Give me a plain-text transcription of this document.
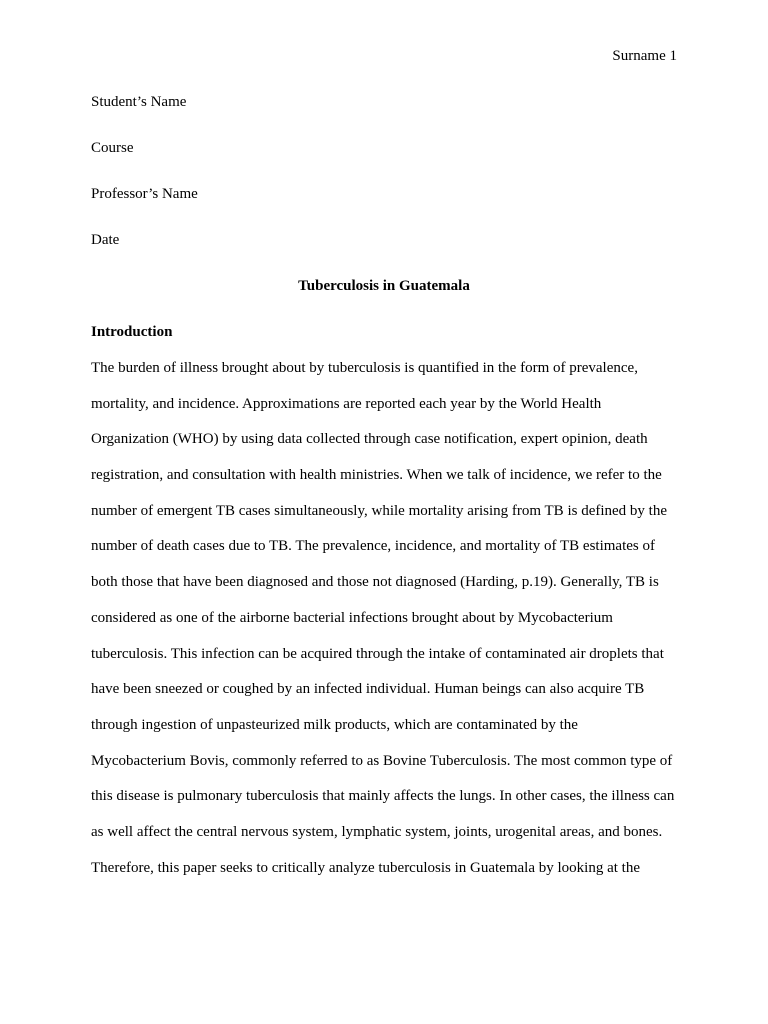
Surname 1
Student’s Name
Course
Professor’s Name
Date
Tuberculosis in Guatemala
Introduction
The burden of illness brought about by tuberculosis is quantified in the form of prevalence,
mortality, and incidence. Approximations are reported each year by the World Health
Organization (WHO) by using data collected through case notification, expert opinion, death
registration, and consultation with health ministries. When we talk of incidence, we refer to the
number of emergent TB cases simultaneously, while mortality arising from TB is defined by the
number of death cases due to TB. The prevalence, incidence, and mortality of TB estimates of
both those that have been diagnosed and those not diagnosed (Harding, p.19). Generally, TB is
considered as one of the airborne bacterial infections brought about by Mycobacterium
tuberculosis. This infection can be acquired through the intake of contaminated air droplets that
have been sneezed or coughed by an infected individual. Human beings can also acquire TB
through ingestion of unpasteurized milk products, which are contaminated by the
Mycobacterium Bovis, commonly referred to as Bovine Tuberculosis. The most common type of
this disease is pulmonary tuberculosis that mainly affects the lungs. In other cases, the illness can
as well affect the central nervous system, lymphatic system, joints, urogenital areas, and bones.
Therefore, this paper seeks to critically analyze tuberculosis in Guatemala by looking at the
